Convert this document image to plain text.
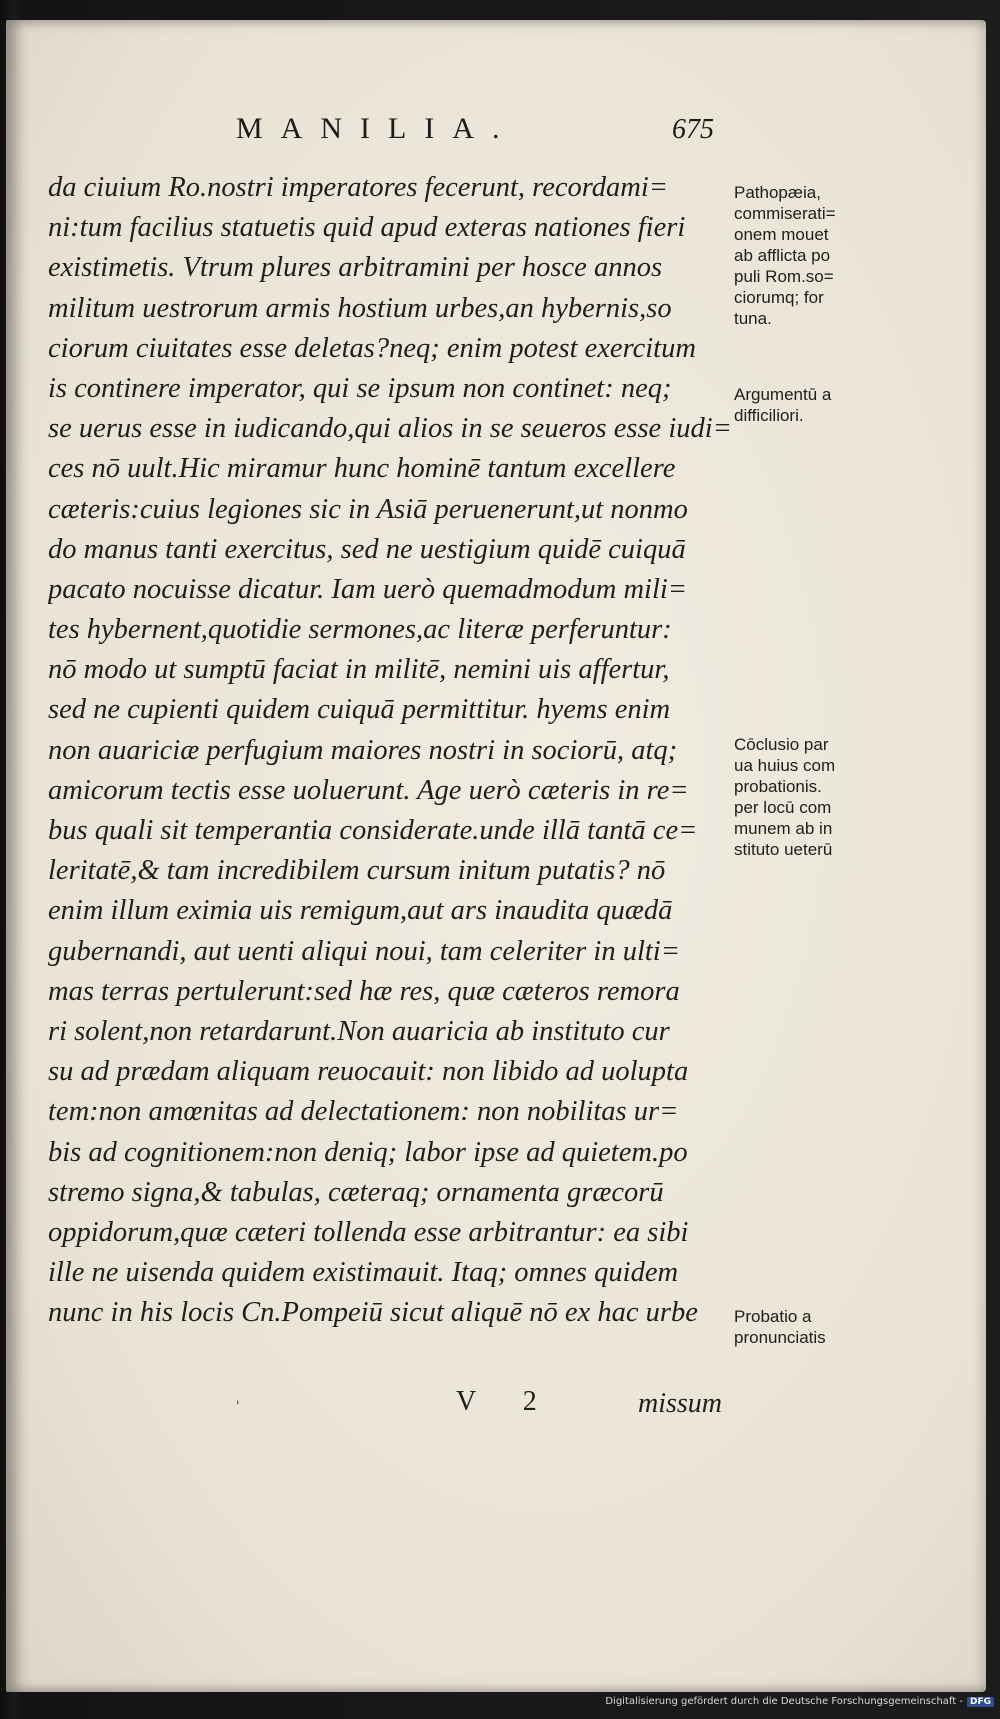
MANILIA.	675
da ciuium Ro.nostri imperatores fecerunt, recordami=
ni:tum facilius statuetis quid apud exteras nationes fieri
existimetis. Vtrum plures arbitramini per hosce annos
militum uestrorum armis hostium urbes,an hybernis,so
ciorum ciuitates esse deletas?neq; enim potest exercitum
is continere imperator, qui se ipsum non continet: neq;
se uerus esse in iudicando,qui alios in se seueros esse iudi=
ces nō uult.Hic miramur hunc hominē tantum excellere
cæteris:cuius legiones sic in Asiā peruenerunt,ut nonmo
do manus tanti exercitus, sed ne uestigium quidē cuiquā
pacato nocuisse dicatur. Iam uerò quemadmodum mili=
tes hybernent,quotidie sermones,ac literæ perferuntur:
nō modo ut sumptū faciat in militē, nemini uis affertur,
sed ne cupienti quidem cuiquā permittitur. hyems enim
non auariciæ perfugium maiores nostri in sociorū, atq;
amicorum tectis esse uoluerunt. Age uerò cæteris in re=
bus quali sit temperantia considerate.unde illā tantā ce=
leritatē,& tam incredibilem cursum initum putatis? nō
enim illum eximia uis remigum,aut ars inaudita quædā
gubernandi, aut uenti aliqui noui, tam celeriter in ulti=
mas terras pertulerunt:sed hæ res, quæ cæteros remora
ri solent,non retardarunt.Non auaricia ab instituto cur
su ad prædam aliquam reuocauit: non libido ad uolupta
tem:non amœnitas ad delectationem: non nobilitas ur=
bis ad cognitionem:non deniq; labor ipse ad quietem.po
stremo signa,& tabulas, cæteraq; ornamenta græcorū
oppidorum,quæ cæteri tollenda esse arbitrantur: ea sibi
ille ne uisenda quidem existimauit. Itaq; omnes quidem
nunc in his locis Cn.Pompeiū sicut aliquē nō ex hac urbe
Pathopæia,
commiserati=
onem mouet
ab afflicta po
puli Rom.so=
ciorumq; for
tuna.
Argumentū a
difficiliori.
Cōclusio par
ua huius com
probationis.
per locū com
munem ab in
stituto ueterū
Probatio a
pronunciatis
ˈ	V 2	missum
Digitalisierung gefördert durch die Deutsche Forschungsgemeinschaft - DFG
